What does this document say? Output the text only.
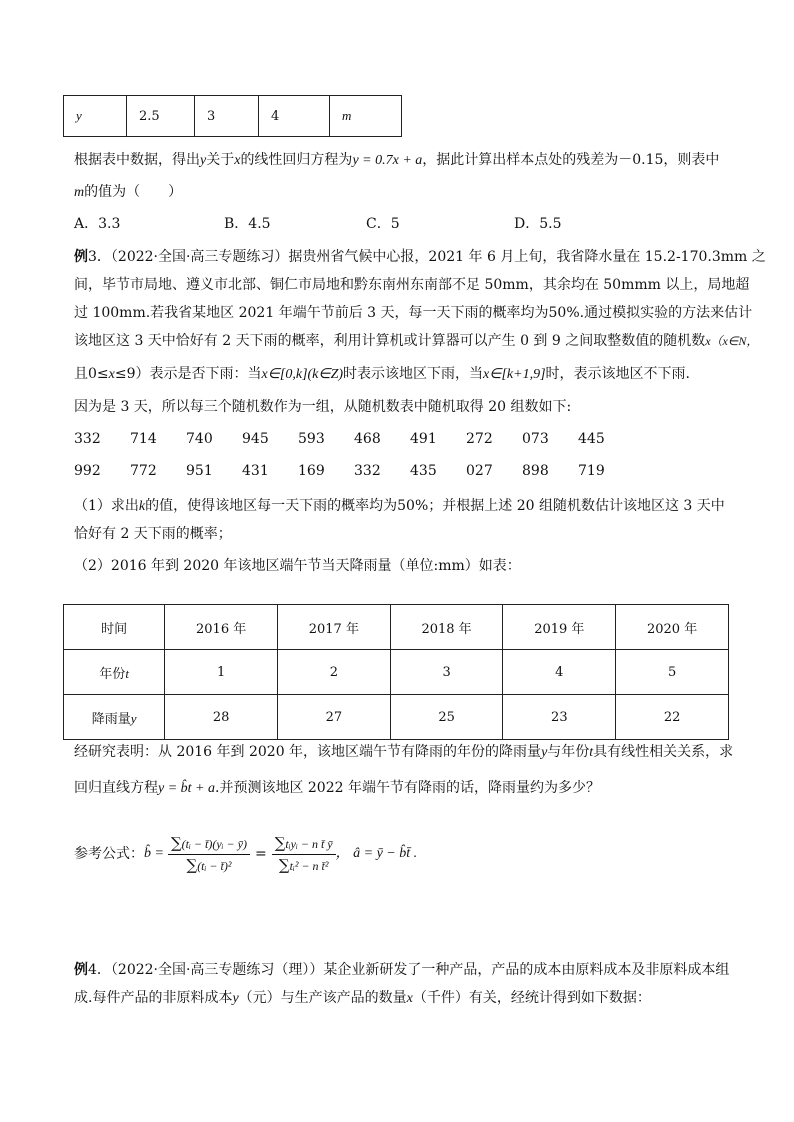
y	2.5	3	4	m
根据表中数据，得出y关于x的线性回归方程为y = 0.7x + a，据此计算出样本点处的残差为－0.15，则表中
m的值为（　　）
A．3.3	B．4.5	C．5	D．5.5
例3．（2022·全国·高三专题练习）据贵州省气候中心报，2021 年 6 月上旬，我省降水量在 15.2-170.3mm 之
间，毕节市局地、遵义市北部、铜仁市局地和黔东南州东南部不足 50mm，其余均在 50mmm 以上，局地超
过 100mm.若我省某地区 2021 年端午节前后 3 天，每一天下雨的概率均为50%.通过模拟实验的方法来估计
该地区这 3 天中恰好有 2 天下雨的概率，利用计算机或计算器可以产生 0 到 9 之间取整数值的随机数x（x∈N，
且0≤x≤9）表示是否下雨：当x∈[0,k](k∈Z)时表示该地区下雨，当x∈[k+1,9]时，表示该地区不下雨.
因为是 3 天，所以每三个随机数作为一组，从随机数表中随机取得 20 组数如下:
332 714 740 945 593 468 491 272 073 445
992 772 951 431 169 332 435 027 898 719
（1）求出k的值，使得该地区每一天下雨的概率均为50%；并根据上述 20 组随机数估计该地区这 3 天中
恰好有 2 天下雨的概率；
（2）2016 年到 2020 年该地区端午节当天降雨量（单位:mm）如表：
时间	2016 年	2017 年	2018 年	2019 年	2020 年
年份t	1	2	3	4	5
降雨量y	28	27	25	23	22
经研究表明：从 2016 年到 2020 年，该地区端午节有降雨的年份的降雨量y与年份t具有线性相关关系，求
回归直线方程y = b̂t + a.并预测该地区 2022 年端午节有降雨的话，降雨量约为多少？
参考公式： b̂ = $\frac{\text{∑(tᵢ − t̄)(yᵢ − ȳ)}}{\text{∑(tᵢ − t̄)²}} = \frac{\text{∑tᵢyᵢ − n t̄ ȳ}}{\text{∑tᵢ² − n t̄²}}$ ， â = ȳ − b̂t̄ .
例4．（2022·全国·高三专题练习（理））某企业新研发了一种产品，产品的成本由原料成本及非原料成本组
成.每件产品的非原料成本y（元）与生产该产品的数量x（千件）有关，经统计得到如下数据：
